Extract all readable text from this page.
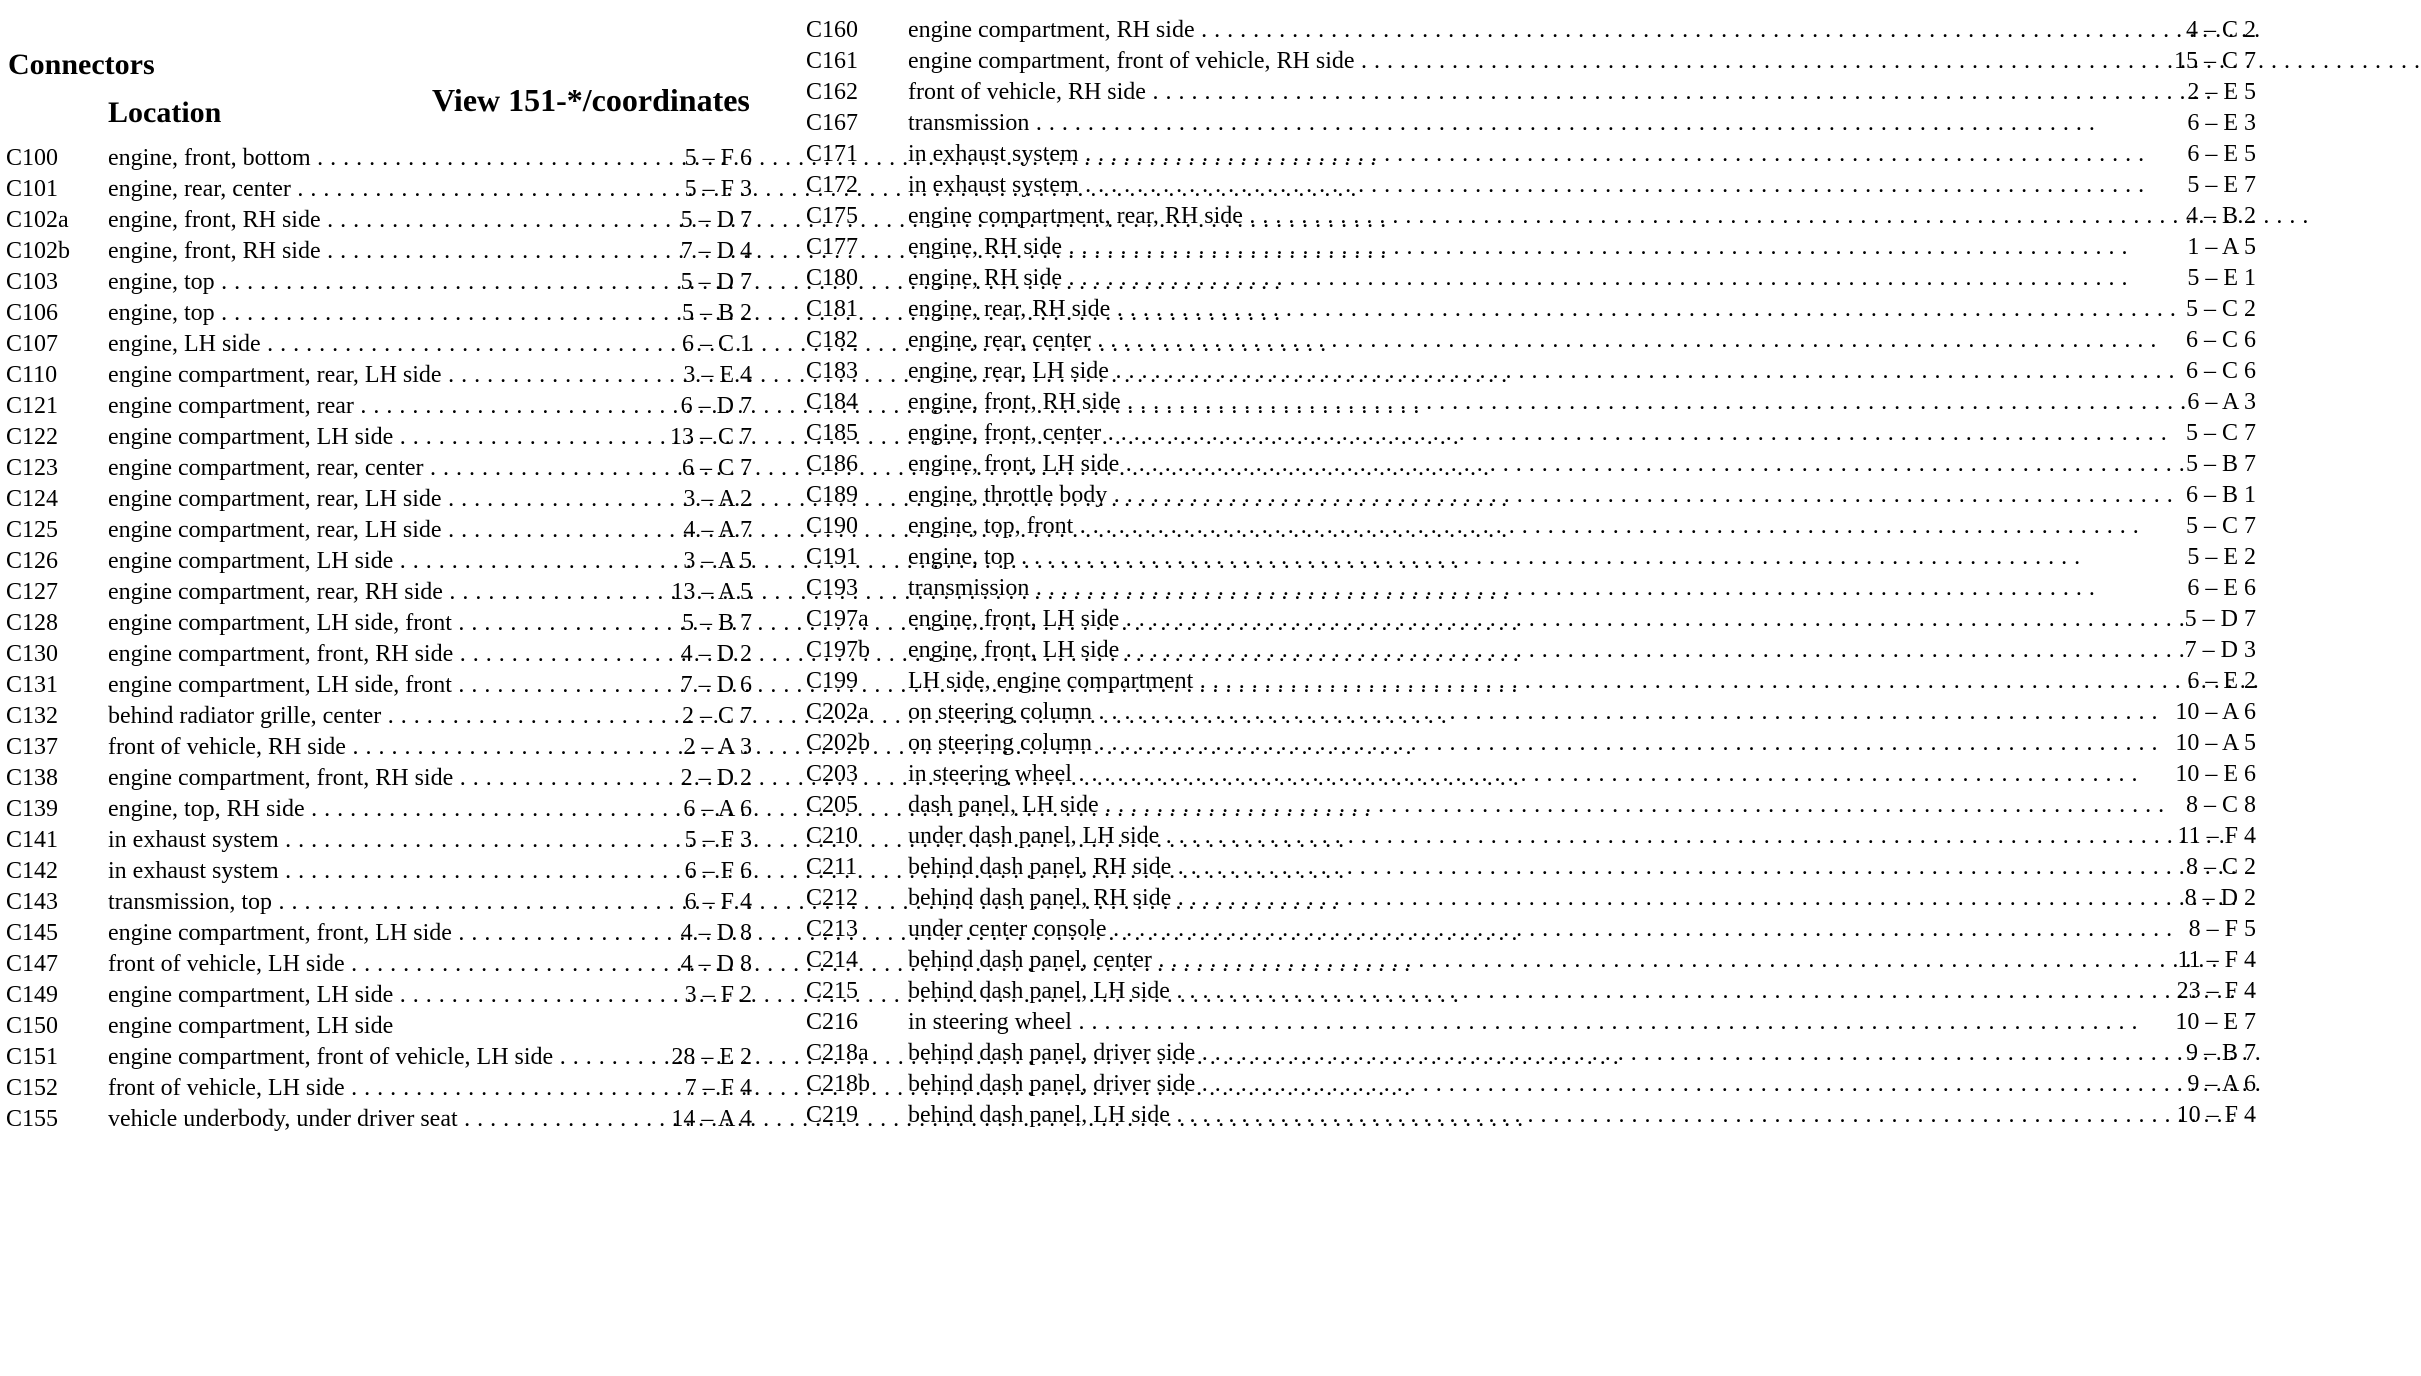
Connectors
Location	View 151-*/coordinates
C100 engine, front, bottom . . .	5 – F 6
C101 engine, rear, center . . .	5 – F 3
C102a engine, front, RH side . . .	5 – D 7
C102b engine, front, RH side . . .	7 – D 4
C103 engine, top . . .	5 – D 7
C106 engine, top . . .	5 – B 2
C107 engine, LH side . . .	6 – C 1
C110 engine compartment, rear, LH side . . .	3 – E 4
C121 engine compartment, rear . . .	6 – D 7
C122 engine compartment, LH side . . .	13 – C 7
C123 engine compartment, rear, center . . .	6 – C 7
C124 engine compartment, rear, LH side . . .	3 – A 2
C125 engine compartment, rear, LH side . . .	4 – A 7
C126 engine compartment, LH side . . .	3 – A 5
C127 engine compartment, rear, RH side . . .	13 – A 5
C128 engine compartment, LH side, front . . .	5 – B 7
C130 engine compartment, front, RH side . . .	4 – D 2
C131 engine compartment, LH side, front . . .	7 – D 6
C132 behind radiator grille, center . . .	2 – C 7
C137 front of vehicle, RH side . . .	2 – A 3
C138 engine compartment, front, RH side . . .	2 – D 2
C139 engine, top, RH side . . .	6 – A 6
C141 in exhaust system . . .	5 – F 3
C142 in exhaust system . . .	6 – F 6
C143 transmission, top . . .	6 – F 4
C145 engine compartment, front, LH side . . .	4 – D 8
C147 front of vehicle, LH side . . .	4 – D 8
C149 engine compartment, LH side . . .	3 – F 2
C150 engine compartment, LH side
C151 engine compartment, front of vehicle, LH side . . .	28 – E 2
C152 front of vehicle, LH side . . .	7 – F 4
C155 vehicle underbody, under driver seat . . .	14 – A 4
C160 engine compartment, RH side . . .	4 – C 2
C161 engine compartment, front of vehicle, RH side . . .	15 – C 7
C162 front of vehicle, RH side . . .	2 – E 5
C167 transmission . . .	6 – E 3
C171 in exhaust system . . .	6 – E 5
C172 in exhaust system . . .	5 – E 7
C175 engine compartment, rear, RH side . . .	4 – B 2
C177 engine, RH side . . .	1 – A 5
C180 engine, RH side . . .	5 – E 1
C181 engine, rear, RH side . . .	5 – C 2
C182 engine, rear, center . . .	6 – C 6
C183 engine, rear, LH side . . .	6 – C 6
C184 engine, front, RH side . . .	6 – A 3
C185 engine, front, center . . .	5 – C 7
C186 engine, front, LH side . . .	5 – B 7
C189 engine, throttle body . . .	6 – B 1
C190 engine, top, front . . .	5 – C 7
C191 engine, top . . .	5 – E 2
C193 transmission . . .	6 – E 6
C197a engine, front, LH side . . .	5 – D 7
C197b engine, front, LH side . . .	7 – D 3
C199 LH side, engine compartment . . .	6 – E 2
C202a on steering column . . .	10 – A 6
C202b on steering column . . .	10 – A 5
C203 in steering wheel . . .	10 – E 6
C205 dash panel, LH side . . .	8 – C 8
C210 under dash panel, LH side . . .	11 – F 4
C211 behind dash panel, RH side . . .	8 – C 2
C212 behind dash panel, RH side . . .	8 – D 2
C213 under center console . . .	8 – F 5
C214 behind dash panel, center . . .	11 – F 4
C215 behind dash panel, LH side . . .	23 – F 4
C216 in steering wheel . . .	10 – E 7
C218a behind dash panel, driver side . . .	9 – B 7
C218b behind dash panel, driver side . . .	9 – A 6
C219 behind dash panel, LH side . . .	10 – F 4
